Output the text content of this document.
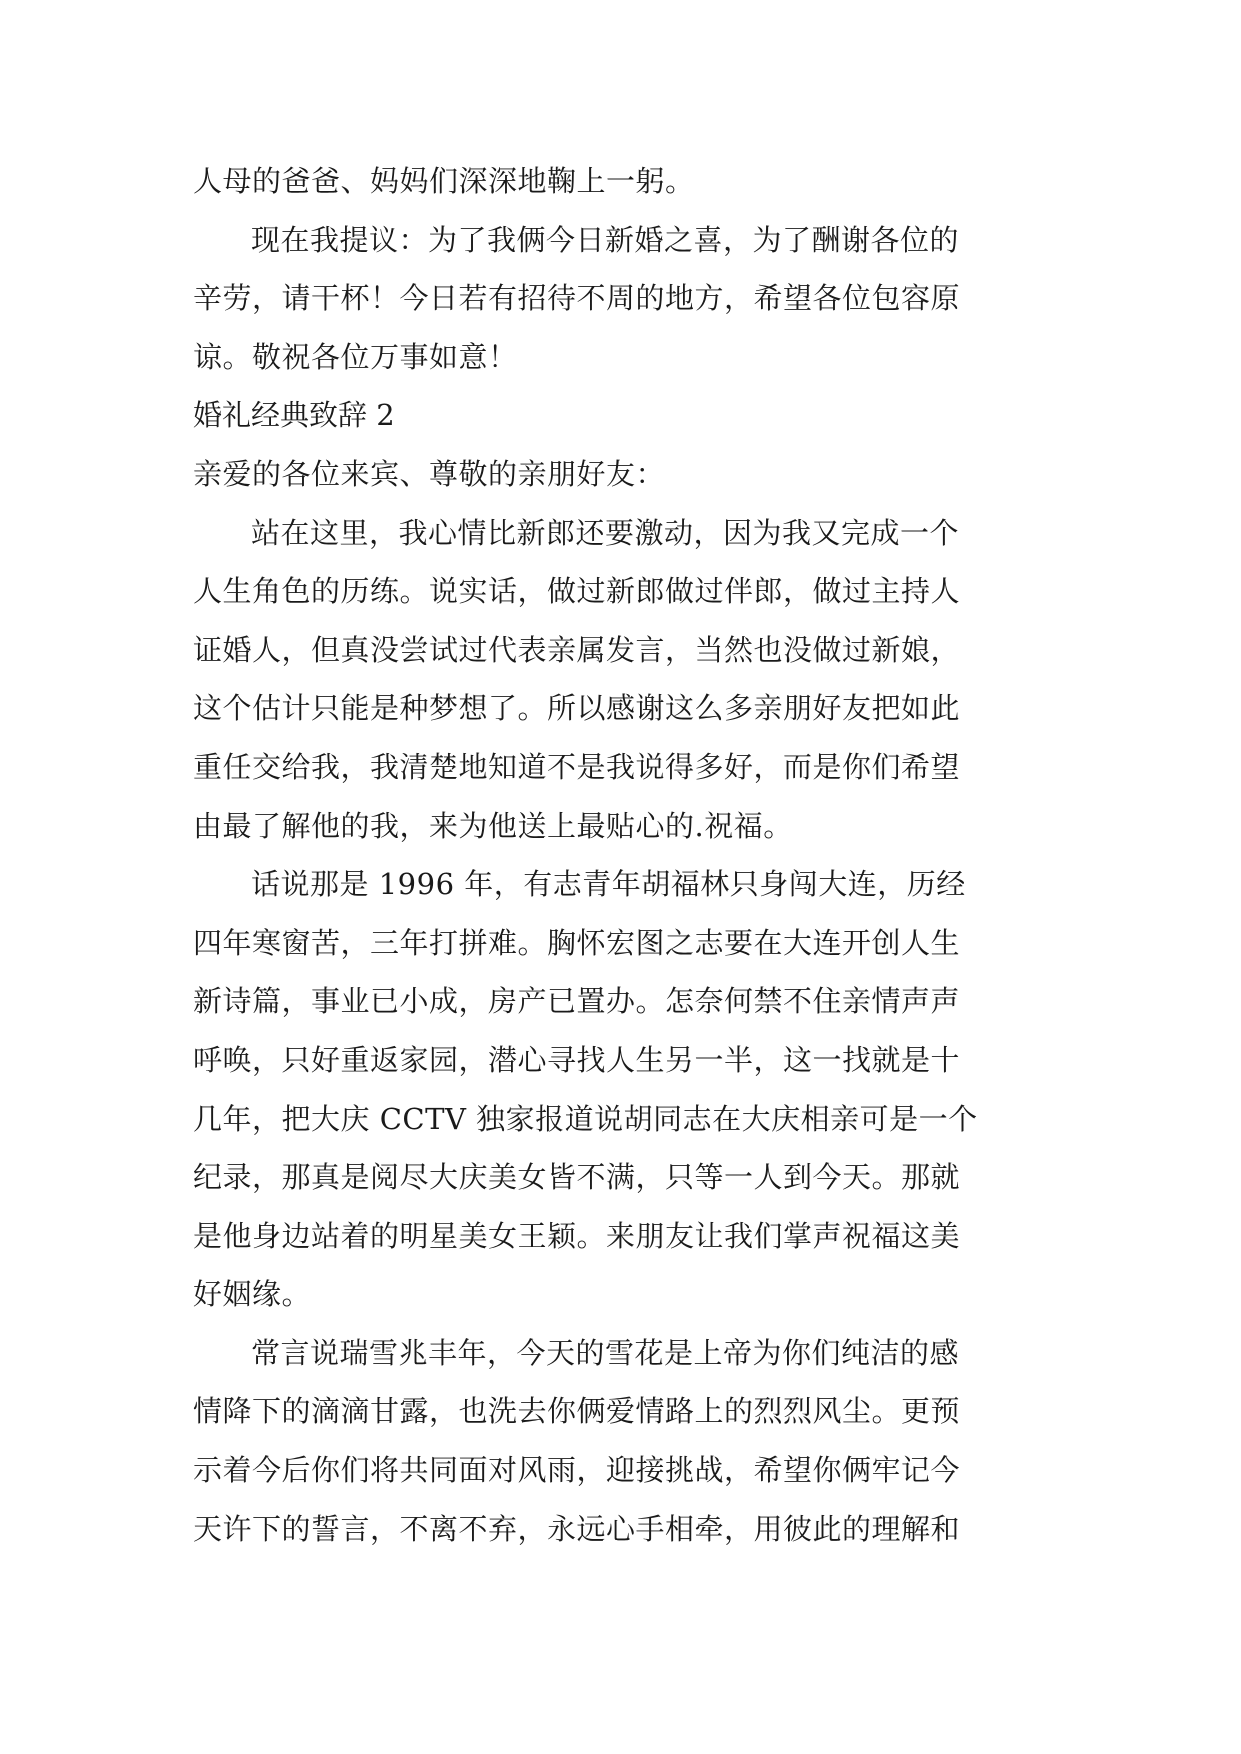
人母的爸爸、妈妈们深深地鞠上一躬。
现在我提议：为了我俩今日新婚之喜，为了酬谢各位的
辛劳，请干杯！今日若有招待不周的地方，希望各位包容原
谅。敬祝各位万事如意！
婚礼经典致辞 2
亲爱的各位来宾、尊敬的亲朋好友：
站在这里，我心情比新郎还要激动，因为我又完成一个
人生角色的历练。说实话，做过新郎做过伴郎，做过主持人
证婚人，但真没尝试过代表亲属发言，当然也没做过新娘，
这个估计只能是种梦想了。所以感谢这么多亲朋好友把如此
重任交给我，我清楚地知道不是我说得多好，而是你们希望
由最了解他的我，来为他送上最贴心的.祝福。
话说那是 1996 年，有志青年胡福林只身闯大连，历经
四年寒窗苦，三年打拼难。胸怀宏图之志要在大连开创人生
新诗篇，事业已小成，房产已置办。怎奈何禁不住亲情声声
呼唤，只好重返家园，潜心寻找人生另一半，这一找就是十
几年，把大庆 CCTV 独家报道说胡同志在大庆相亲可是一个
纪录，那真是阅尽大庆美女皆不满，只等一人到今天。那就
是他身边站着的明星美女王颖。来朋友让我们掌声祝福这美
好姻缘。
常言说瑞雪兆丰年，今天的雪花是上帝为你们纯洁的感
情降下的滴滴甘露，也洗去你俩爱情路上的烈烈风尘。更预
示着今后你们将共同面对风雨，迎接挑战，希望你俩牢记今
天许下的誓言，不离不弃，永远心手相牵，用彼此的理解和
